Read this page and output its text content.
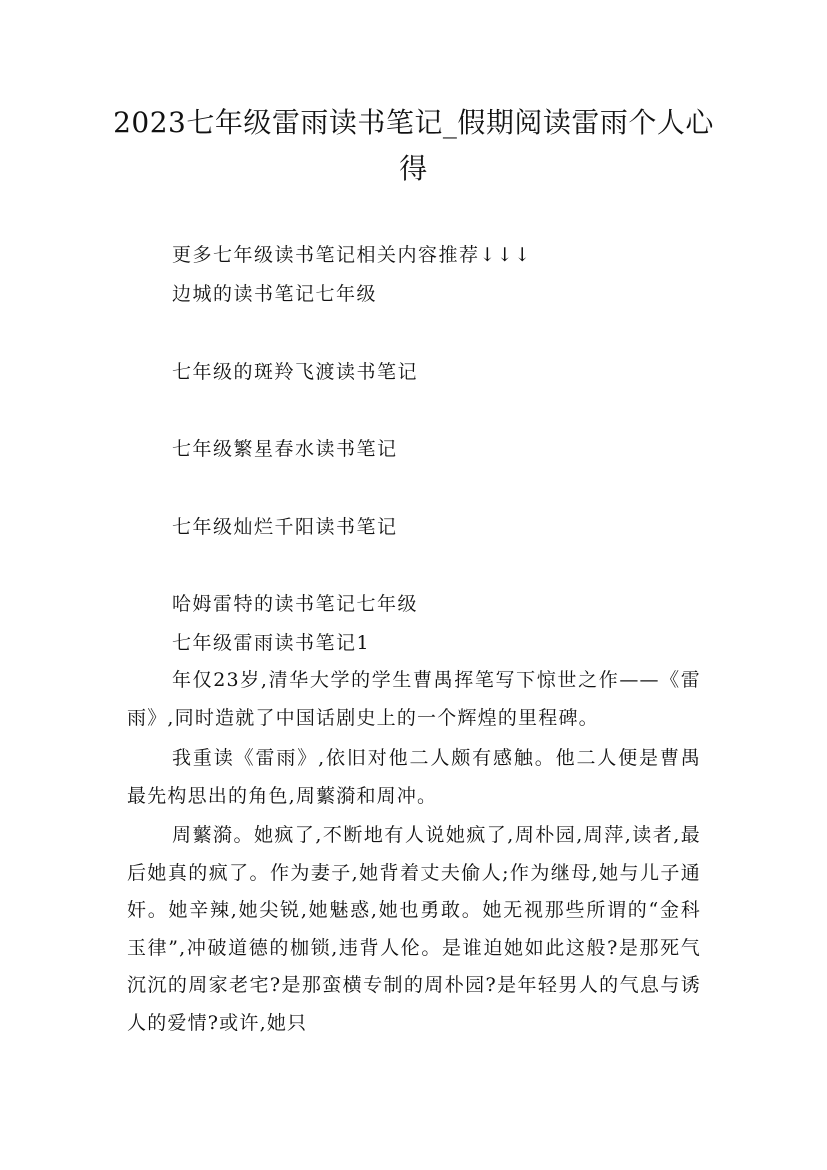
2023七年级雷雨读书笔记_假期阅读雷雨个人心得
更多七年级读书笔记相关内容推荐↓↓↓
边城的读书笔记七年级
七年级的斑羚飞渡读书笔记
七年级繁星春水读书笔记
七年级灿烂千阳读书笔记
哈姆雷特的读书笔记七年级
七年级雷雨读书笔记1

年仅23岁,清华大学的学生曹禺挥笔写下惊世之作——《雷雨》,同时造就了中国话剧史上的一个辉煌的里程碑。

我重读《雷雨》,依旧对他二人颇有感触。他二人便是曹禺最先构思出的角色,周蘩漪和周冲。

周蘩漪。她疯了,不断地有人说她疯了,周朴园,周萍,读者,最后她真的疯了。作为妻子,她背着丈夫偷人;作为继母,她与儿子通奸。她辛辣,她尖锐,她魅惑,她也勇敢。她无视那些所谓的“金科玉律”,冲破道德的枷锁,违背人伦。是谁迫她如此这般?是那死气沉沉的周家老宅?是那蛮横专制的周朴园?是年轻男人的气息与诱人的爱情?或许,她只
